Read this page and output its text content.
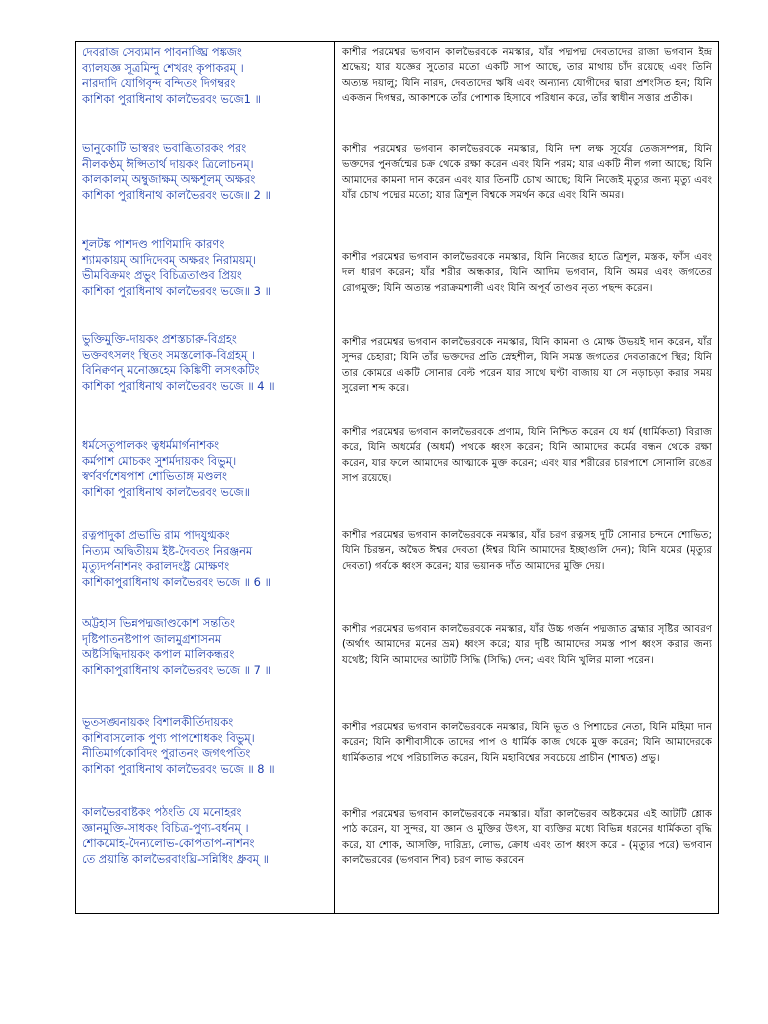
দেবরাজ সেব্যমান পাবনাঙ্ঘ্রি পঙ্কজং
ব্যালযজ্ঞ সূত্রমিন্দু শেখরং কৃপাকরম্ ।
নারদাদি যোগিবৃন্দ বন্দিতং দিগম্বরং
কাশিকা পুরাধিনাথ কালভৈরবং ভজে1 ॥
ভানুকোটি ভাস্বরং ভবাব্ধিতারকং পরং
নীলকণ্ঠম্ ঈপ্সিতার্থ দায়কং ত্রিলোচনম্।
কালকালম্ অম্বুজাক্ষম্ অক্ষশূলম্ অক্ষরং
কাশিকা পুরাধিনাথ কালভৈরবং ভজে॥ 2 ॥
শূলটঙ্ক পাশদণ্ড পাণিমাদি কারণং
শ্যামকায়ম্ আদিদেবম্ অক্ষরং নিরাময়ম্।
ভীমবিক্রমং প্রভুং বিচিত্রতাণ্ডব প্রিয়ং
কাশিকা পুরাধিনাথ কালভৈরবং ভজে॥ 3 ॥
ভুক্তিমুক্তি-দায়কং প্রশস্তচারু-বিগ্রহং
ভক্তবৎসলং স্থিতং সমস্তলোক-বিগ্রহম্ ।
বিনিক্বণন্ মনোজ্ঞহেম কিঙ্কিণী লসৎকটিং
কাশিকা পুরাধিনাথ কালভৈরবং ভজে ॥ 4 ॥
ধর্মসেতুপালকং ত্বধর্মমার্গনাশকং
কর্মপাশ মোচকং সুশর্মদায়কং বিভুম্।
স্বর্ণবর্ণশেষপাশ শোভিতাঙ্গ মণ্ডলং
কাশিকা পুরাধিনাথ কালভৈরবং ভজে॥
রত্নপাদুকা প্রভাভি রাম পাদযুগ্মকং
নিত্যম অদ্বিতীয়ম ইষ্ট-দৈবতং নিরঞ্জনম
মৃত্যুদর্পনাশনং করালদংষ্ট্র মোক্ষণং
কাশিকাপুরাধিনাথ কালভৈরবং ভজে ॥ 6 ॥
অট্টহাস ভিন্নপদ্মজাণ্ডকোশ সন্ততিং
দৃষ্টিপাতনষ্টপাপ জালমুগ্রশাসনম
অষ্টসিদ্ধিদায়কং কপাল মালিকন্ধরং
কাশিকাপুরাধিনাথ কালভৈরবং ভজে ॥ 7 ॥
ভূতসঙ্ঘনায়কং বিশালকীর্তিদায়কং
কাশিবাসলোক পুণ্য পাপশোধকং বিভুম্।
নীতিমার্গকোবিদং পুরাতনং জগৎপতিং
কাশিকা পুরাধিনাথ কালভৈরবং ভজে ॥ 8 ॥
কালভৈরবাষ্টকং পঠংতি যে মনোহরং
জ্ঞানমুক্তি-সাধকং বিচিত্র-পুণ্য-বর্ধনম্ ।
শোকমোহ-দৈন্যলোভ-কোপতাপ-নাশনং
তে প্রয়ান্তি কালভৈরবাংঘ্রি-সন্নিধিং ধ্রুবম্ ॥
কাশীর পরমেশ্বর ভগবান কালভৈরবকে নমস্কার, যাঁর পদ্মপদ্ম দেবতাদের রাজা ভগবান ইন্দ্র শ্রদ্ধেয়; যার যজ্ঞের সুতোর মতো একটি সাপ আছে, তার মাথায় চাঁদ রয়েছে এবং তিনি অত্যন্ত দয়ালু; যিনি নারদ, দেবতাদের ঋষি এবং অন্যান্য যোগীদের দ্বারা প্রশংসিত হন; যিনি একজন দিগম্বর, আকাশকে তাঁর পোশাক হিসাবে পরিধান করে, তাঁর স্বাধীন সত্তার প্রতীক।
কাশীর পরমেশ্বর ভগবান কালভৈরবকে নমস্কার, যিনি দশ লক্ষ সূর্যের তেজসম্পন্ন, যিনি ভক্তদের পুনর্জন্মের চক্র থেকে রক্ষা করেন এবং যিনি পরম; যার একটি নীল গলা আছে; যিনি আমাদের কামনা দান করেন এবং যার তিনটি চোখ আছে; যিনি নিজেই মৃত্যুর জন্য মৃত্যু এবং যাঁর চোখ পদ্মের মতো; যার ত্রিশূল বিশ্বকে সমর্থন করে এবং যিনি অমর।
কাশীর পরমেশ্বর ভগবান কালভৈরবকে নমস্কার, যিনি নিজের হাতে ত্রিশূল, মস্তক, ফাঁস এবং দল ধারণ করেন; যাঁর শরীর অন্ধকার, যিনি আদিম ভগবান, যিনি অমর এবং জগতের রোগমুক্ত; যিনি অত্যন্ত পরাক্রমশালী এবং যিনি অপূর্ব তাণ্ডব নৃত্য পছন্দ করেন।
কাশীর পরমেশ্বর ভগবান কালভৈরবকে নমস্কার, যিনি কামনা ও মোক্ষ উভয়ই দান করেন, যাঁর সুন্দর চেহারা; যিনি তাঁর ভক্তদের প্রতি স্নেহশীল, যিনি সমস্ত জগতের দেবতারূপে স্থির; যিনি তার কোমরে একটি সোনার বেল্ট পরেন যার সাথে ঘণ্টা বাজায় যা সে নড়াচড়া করার সময় সুরেলা শব্দ করে।
কাশীর পরমেশ্বর ভগবান কালভৈরবকে প্রণাম, যিনি নিশ্চিত করেন যে ধর্ম (ধার্মিকতা) বিরাজ করে, যিনি অধর্মের (অধর্ম) পথকে ধ্বংস করেন; যিনি আমাদের কর্মের বন্ধন থেকে রক্ষা করেন, যার ফলে আমাদের আত্মাকে মুক্ত করেন; এবং যার শরীরের চারপাশে সোনালি রঙের সাপ রয়েছে।
কাশীর পরমেশ্বর ভগবান কালভৈরবকে নমস্কার, যাঁর চরণ রত্নসহ দুটি সোনার চন্দনে শোভিত; যিনি চিরন্তন, অদ্বৈত ঈশ্বর দেবতা (ঈশ্বর যিনি আমাদের ইচ্ছাগুলি দেন); যিনি যমের (মৃত্যুর দেবতা) গর্বকে ধ্বংস করেন; যার ভয়ানক দাঁত আমাদের মুক্তি দেয়।
কাশীর পরমেশ্বর ভগবান কালভৈরবকে নমস্কার, যাঁর উচ্চ গর্জন পদ্মজাত ব্রহ্মার সৃষ্টির আবরণ (অর্থাৎ আমাদের মনের ভ্রম) ধ্বংস করে; যার দৃষ্টি আমাদের সমস্ত পাপ ধ্বংস করার জন্য যথেষ্ট; যিনি আমাদের আটটি সিদ্ধি (সিদ্ধি) দেন; এবং যিনি খুলির মালা পরেন।
কাশীর পরমেশ্বর ভগবান কালভৈরবকে নমস্কার, যিনি ভূত ও পিশাচের নেতা, যিনি মহিমা দান করেন; যিনি কাশীবাসীকে তাদের পাপ ও ধার্মিক কাজ থেকে মুক্ত করেন; যিনি আমাদেরকে ধার্মিকতার পথে পরিচালিত করেন, যিনি মহাবিশ্বের সবচেয়ে প্রাচীন (শাশ্বত) প্রভু।
কাশীর পরমেশ্বর ভগবান কালভৈরবকে নমস্কার। যাঁরা কালভৈরব অষ্টকমের এই আটটি শ্লোক পাঠ করেন, যা সুন্দর, যা জ্ঞান ও মুক্তির উৎস, যা ব্যক্তির মধ্যে বিভিন্ন ধরনের ধার্মিকতা বৃদ্ধি করে, যা শোক, আসক্তি, দারিদ্র্য, লোভ, ক্রোধ এবং তাপ ধ্বংস করে - (মৃত্যুর পরে) ভগবান কালভৈরবের (ভগবান শিব) চরণ লাভ করবেন
